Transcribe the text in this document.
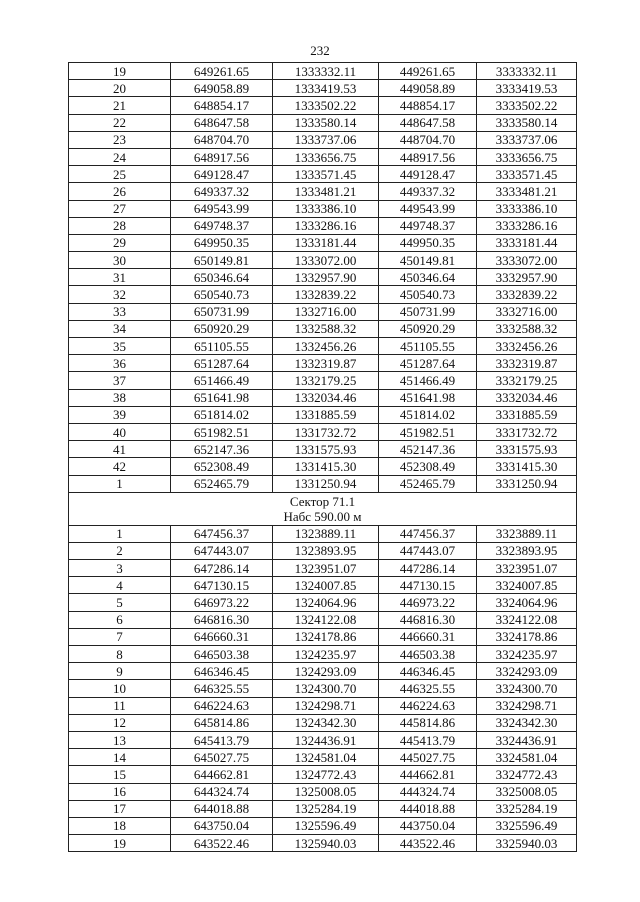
232
19	649261.65	1333332.11	449261.65	3333332.11
20	649058.89	1333419.53	449058.89	3333419.53
21	648854.17	1333502.22	448854.17	3333502.22
22	648647.58	1333580.14	448647.58	3333580.14
23	648704.70	1333737.06	448704.70	3333737.06
24	648917.56	1333656.75	448917.56	3333656.75
25	649128.47	1333571.45	449128.47	3333571.45
26	649337.32	1333481.21	449337.32	3333481.21
27	649543.99	1333386.10	449543.99	3333386.10
28	649748.37	1333286.16	449748.37	3333286.16
29	649950.35	1333181.44	449950.35	3333181.44
30	650149.81	1333072.00	450149.81	3333072.00
31	650346.64	1332957.90	450346.64	3332957.90
32	650540.73	1332839.22	450540.73	3332839.22
33	650731.99	1332716.00	450731.99	3332716.00
34	650920.29	1332588.32	450920.29	3332588.32
35	651105.55	1332456.26	451105.55	3332456.26
36	651287.64	1332319.87	451287.64	3332319.87
37	651466.49	1332179.25	451466.49	3332179.25
38	651641.98	1332034.46	451641.98	3332034.46
39	651814.02	1331885.59	451814.02	3331885.59
40	651982.51	1331732.72	451982.51	3331732.72
41	652147.36	1331575.93	452147.36	3331575.93
42	652308.49	1331415.30	452308.49	3331415.30
1	652465.79	1331250.94	452465.79	3331250.94

Сектор 71.1
Набс 590.00 м				

1	647456.37	1323889.11	447456.37	3323889.11
2	647443.07	1323893.95	447443.07	3323893.95
3	647286.14	1323951.07	447286.14	3323951.07
4	647130.15	1324007.85	447130.15	3324007.85
5	646973.22	1324064.96	446973.22	3324064.96
6	646816.30	1324122.08	446816.30	3324122.08
7	646660.31	1324178.86	446660.31	3324178.86
8	646503.38	1324235.97	446503.38	3324235.97
9	646346.45	1324293.09	446346.45	3324293.09
10	646325.55	1324300.70	446325.55	3324300.70
11	646224.63	1324298.71	446224.63	3324298.71
12	645814.86	1324342.30	445814.86	3324342.30
13	645413.79	1324436.91	445413.79	3324436.91
14	645027.75	1324581.04	445027.75	3324581.04
15	644662.81	1324772.43	444662.81	3324772.43
16	644324.74	1325008.05	444324.74	3325008.05
17	644018.88	1325284.19	444018.88	3325284.19
18	643750.04	1325596.49	443750.04	3325596.49
19	643522.46	1325940.03	443522.46	3325940.03
